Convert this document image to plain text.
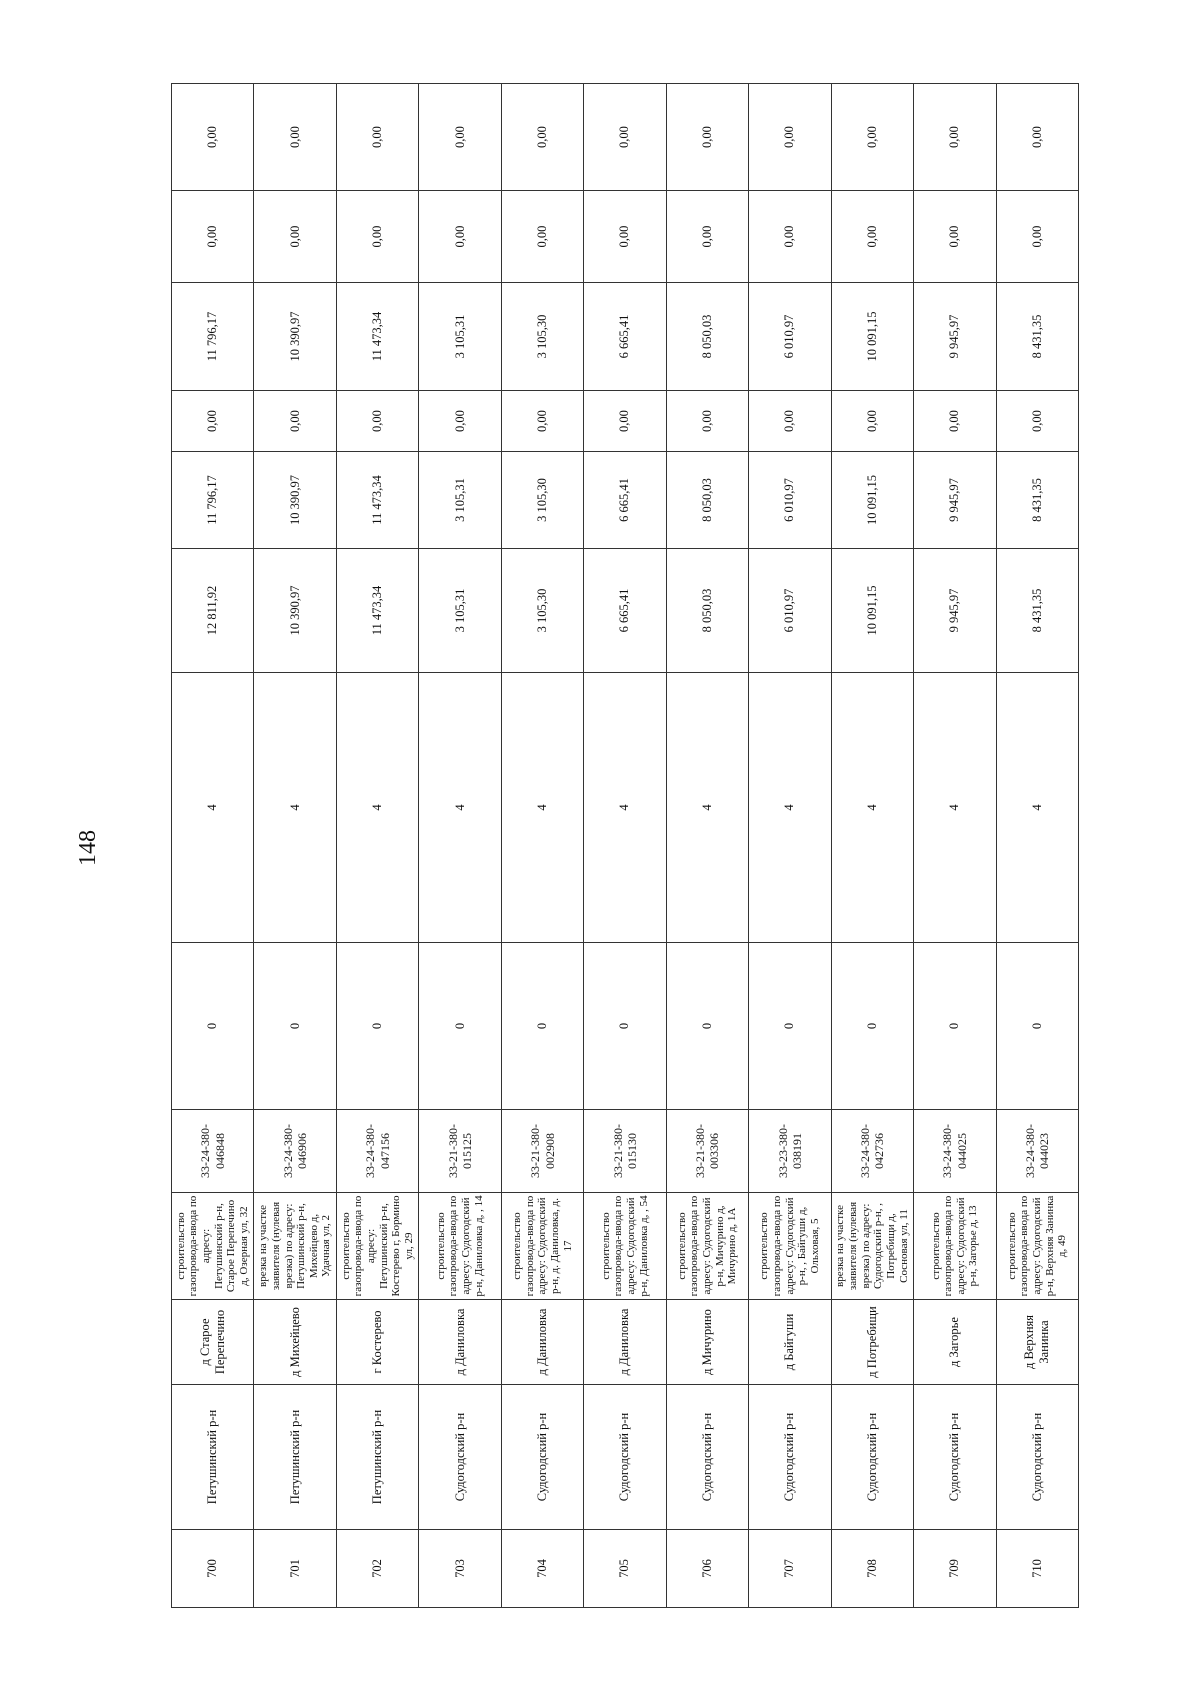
148
700	Петушинский р-н	д Старое Перепечино	строительство газопровода-ввода по адресу: Петушинский р-н, Старое Перепечино д, Озерная ул, 32	33-24-380-046848	0	4	12 811,92	11 796,17	0,00	11 796,17	0,00	0,00
701	Петушинский р-н	д Михейцево	врезка на участке заявителя (нулевая врезка) по адресу: Петушинский р-н, Михейцево д, Удачная ул, 2	33-24-380-046906	0	4	10 390,97	10 390,97	0,00	10 390,97	0,00	0,00
702	Петушинский р-н	г Костерево	строительство газопровода-ввода по адресу: Петушинский р-н, Костерево г, Бормино ул, 29	33-24-380-047156	0	4	11 473,34	11 473,34	0,00	11 473,34	0,00	0,00
703	Судогодский р-н	д Даниловка	строительство газопровода-ввода по адресу: Судогодский р-н, Даниловка д, , 14	33-21-380-015125	0	4	3 105,31	3 105,31	0,00	3 105,31	0,00	0,00
704	Судогодский р-н	д Даниловка	строительство газопровода-ввода по адресу: Судогодский р-н, д. Даниловка, д. 17	33-21-380-002908	0	4	3 105,30	3 105,30	0,00	3 105,30	0,00	0,00
705	Судогодский р-н	д Даниловка	строительство газопровода-ввода по адресу: Судогодский р-н, Даниловка д, , 54	33-21-380-015130	0	4	6 665,41	6 665,41	0,00	6 665,41	0,00	0,00
706	Судогодский р-н	д Мичурино	строительство газопровода-ввода по адресу: Судогодский р-н, Мичурино д, Мичурино д, 1А	33-21-380-003306	0	4	8 050,03	8 050,03	0,00	8 050,03	0,00	0,00
707	Судогодский р-н	д Байгуши	строительство газопровода-ввода по адресу: Судогодский р-н, , Байгуши д, Ольховая, 5	33-23-380-038191	0	4	6 010,97	6 010,97	0,00	6 010,97	0,00	0,00
708	Судогодский р-н	д Потребищи	врезка на участке заявителя (нулевая врезка) по адресу: Судогодский р-н, , Потребищи д, Сосновая ул, 11	33-24-380-042736	0	4	10 091,15	10 091,15	0,00	10 091,15	0,00	0,00
709	Судогодский р-н	д Загорье	строительство газопровода-ввода по адресу: Судогодский р-н, Загорье д, 13	33-24-380-044025	0	4	9 945,97	9 945,97	0,00	9 945,97	0,00	0,00
710	Судогодский р-н	д Верхняя Занинка	строительство газопровода-ввода по адресу: Судогодский р-н, Верхняя Занинка д, 49	33-24-380-044023	0	4	8 431,35	8 431,35	0,00	8 431,35	0,00	0,00
